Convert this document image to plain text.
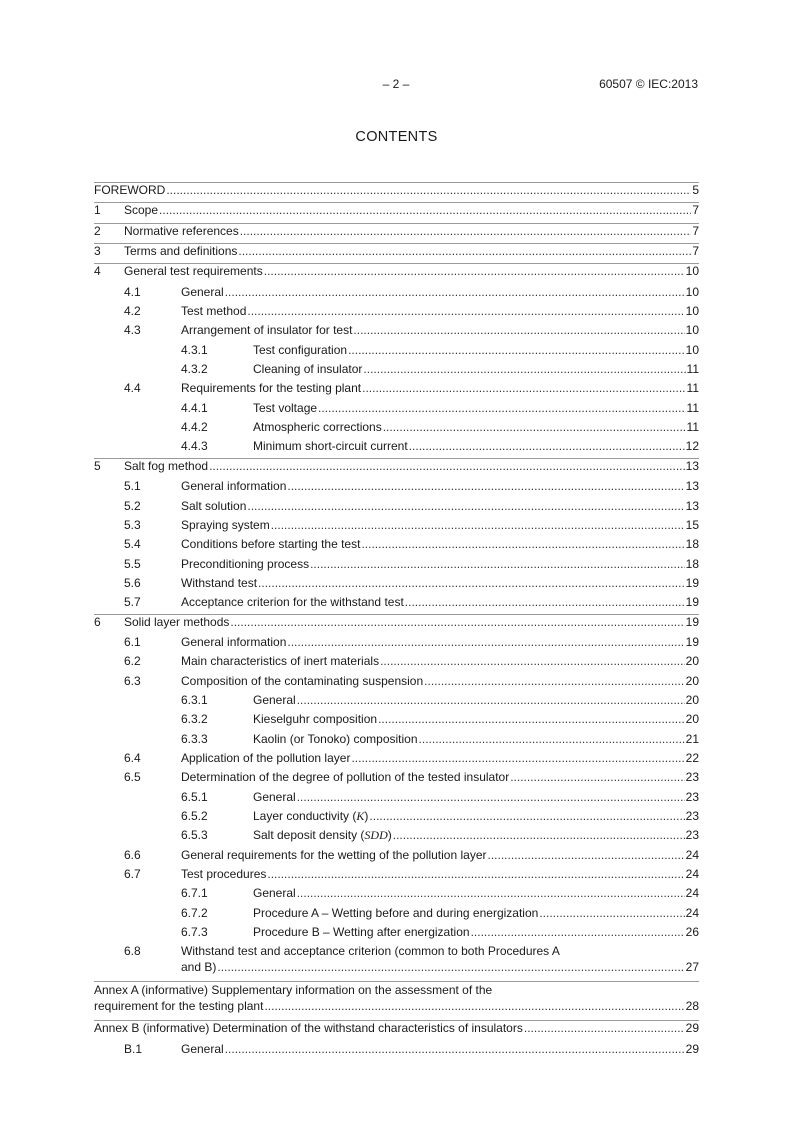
– 2 –	60507 © IEC:2013
CONTENTS
FOREWORD .....	5
1	Scope .....	7
2	Normative references .....	7
3	Terms and definitions .....	7
4	General test requirements .....	10
4.1	General .....	10
4.2	Test method .....	10
4.3	Arrangement of insulator for test .....	10
4.3.1	Test configuration .....	10
4.3.2	Cleaning of insulator .....	11
4.4	Requirements for the testing plant .....	11
4.4.1	Test voltage .....	11
4.4.2	Atmospheric corrections .....	11
4.4.3	Minimum short-circuit current .....	12
5	Salt fog method .....	13
5.1	General information .....	13
5.2	Salt solution .....	13
5.3	Spraying system .....	15
5.4	Conditions before starting the test .....	18
5.5	Preconditioning process .....	18
5.6	Withstand test .....	19
5.7	Acceptance criterion for the withstand test .....	19
6	Solid layer methods .....	19
6.1	General information .....	19
6.2	Main characteristics of inert materials .....	20
6.3	Composition of the contaminating suspension .....	20
6.3.1	General .....	20
6.3.2	Kieselguhr composition .....	20
6.3.3	Kaolin (or Tonoko) composition .....	21
6.4	Application of the pollution layer .....	22
6.5	Determination of the degree of pollution of the tested insulator .....	23
6.5.1	General .....	23
6.5.2	Layer conductivity (K) .....	23
6.5.3	Salt deposit density (SDD) .....	23
6.6	General requirements for the wetting of the pollution layer .....	24
6.7	Test procedures .....	24
6.7.1	General .....	24
6.7.2	Procedure A – Wetting before and during energization .....	24
6.7.3	Procedure B – Wetting after energization .....	26
6.8	Withstand test and acceptance criterion (common to both Procedures A
and B) .....	27
Annex A (informative) Supplementary information on the assessment of the
requirement for the testing plant .....	28
Annex B (informative) Determination of the withstand characteristics of insulators .....	29
B.1	General .....	29
